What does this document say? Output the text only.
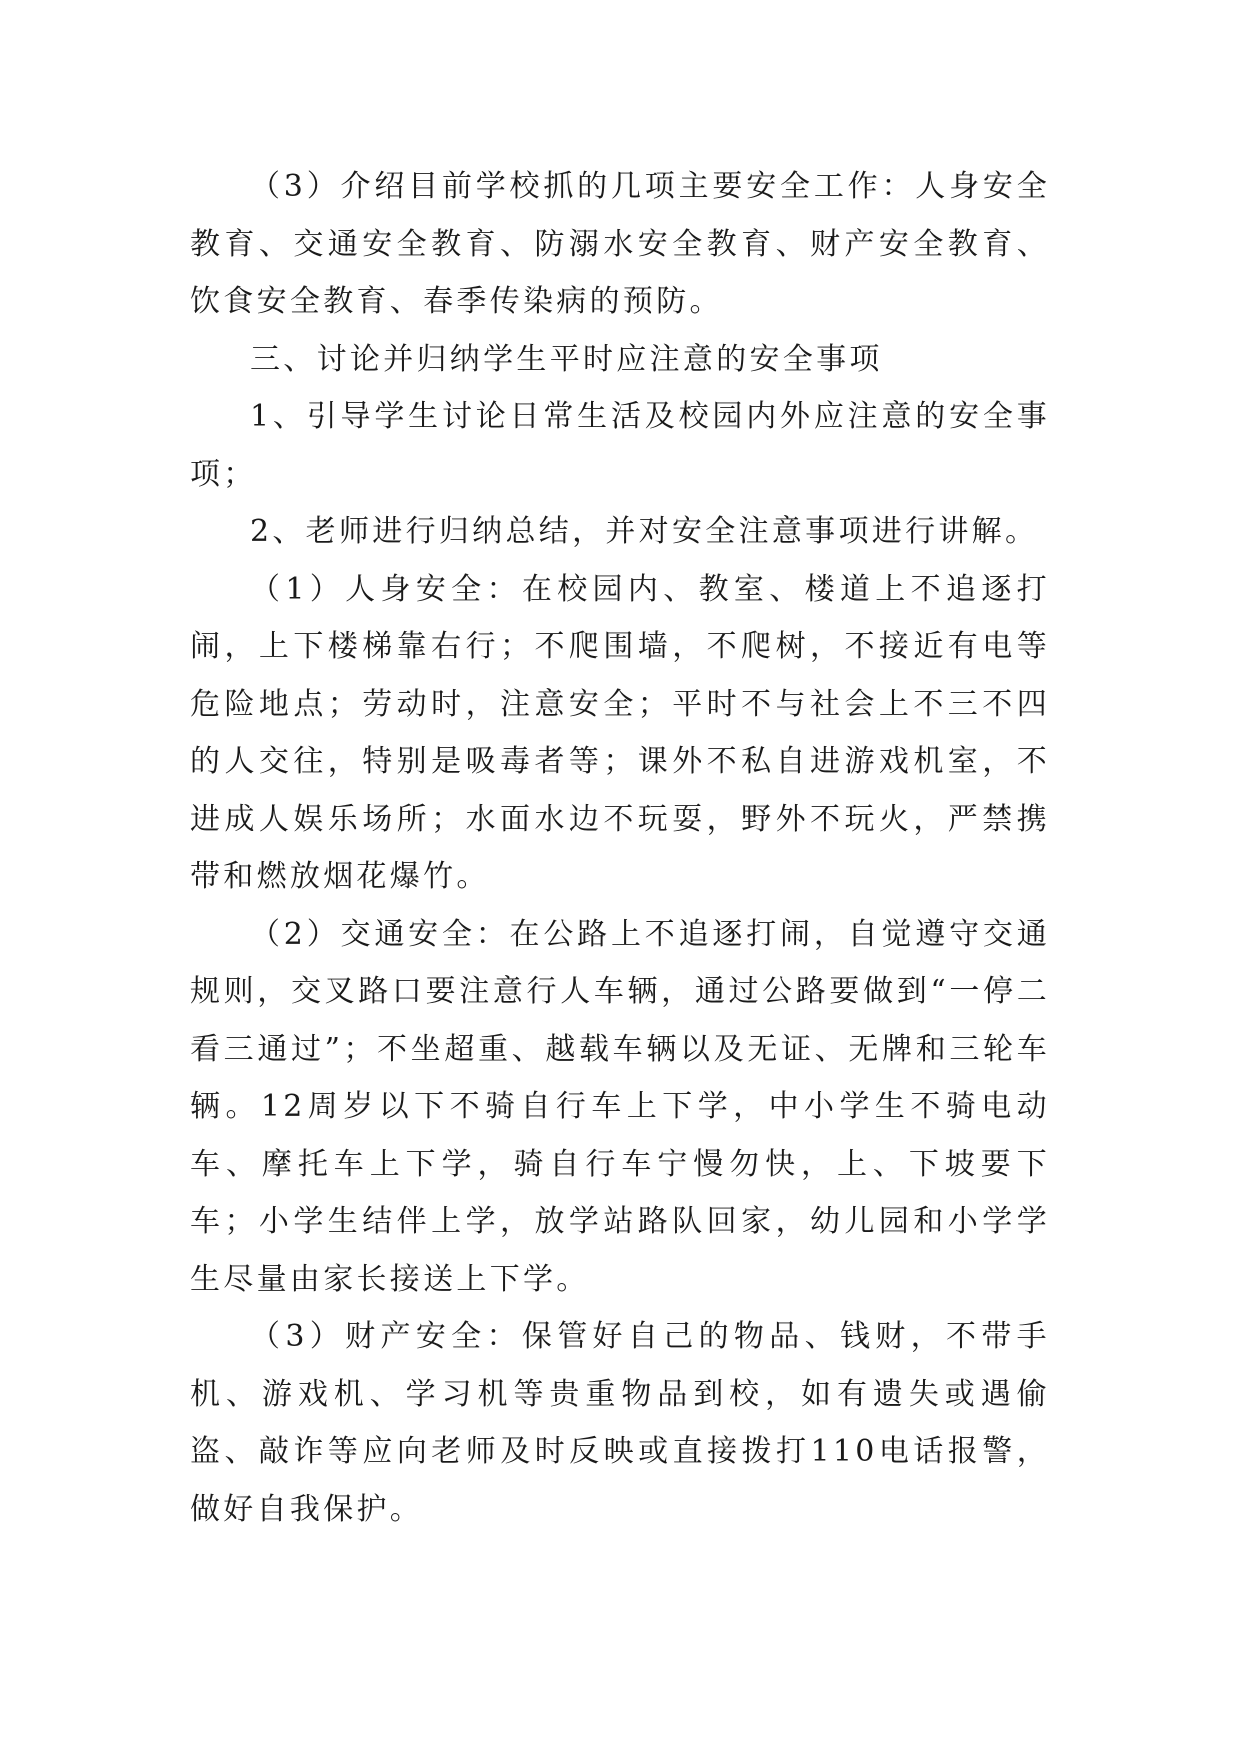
（3）介绍目前学校抓的几项主要安全工作：人身安全教育、交通安全教育、防溺水安全教育、财产安全教育、饮食安全教育、春季传染病的预防。

三、讨论并归纳学生平时应注意的安全事项

1、引导学生讨论日常生活及校园内外应注意的安全事项；

2、老师进行归纳总结，并对安全注意事项进行讲解。

（1）人身安全：在校园内、教室、楼道上不追逐打闹，上下楼梯靠右行；不爬围墙，不爬树，不接近有电等危险地点；劳动时，注意安全；平时不与社会上不三不四的人交往，特别是吸毒者等；课外不私自进游戏机室，不进成人娱乐场所；水面水边不玩耍，野外不玩火，严禁携带和燃放烟花爆竹。

（2）交通安全：在公路上不追逐打闹，自觉遵守交通规则，交叉路口要注意行人车辆，通过公路要做到“一停二看三通过”；不坐超重、越载车辆以及无证、无牌和三轮车辆。12周岁以下不骑自行车上下学，中小学生不骑电动车、摩托车上下学，骑自行车宁慢勿快，上、下坡要下车；小学生结伴上学，放学站路队回家，幼儿园和小学学生尽量由家长接送上下学。

（3）财产安全：保管好自己的物品、钱财，不带手机、游戏机、学习机等贵重物品到校，如有遗失或遇偷盗、敲诈等应向老师及时反映或直接拨打110电话报警，做好自我保护。
